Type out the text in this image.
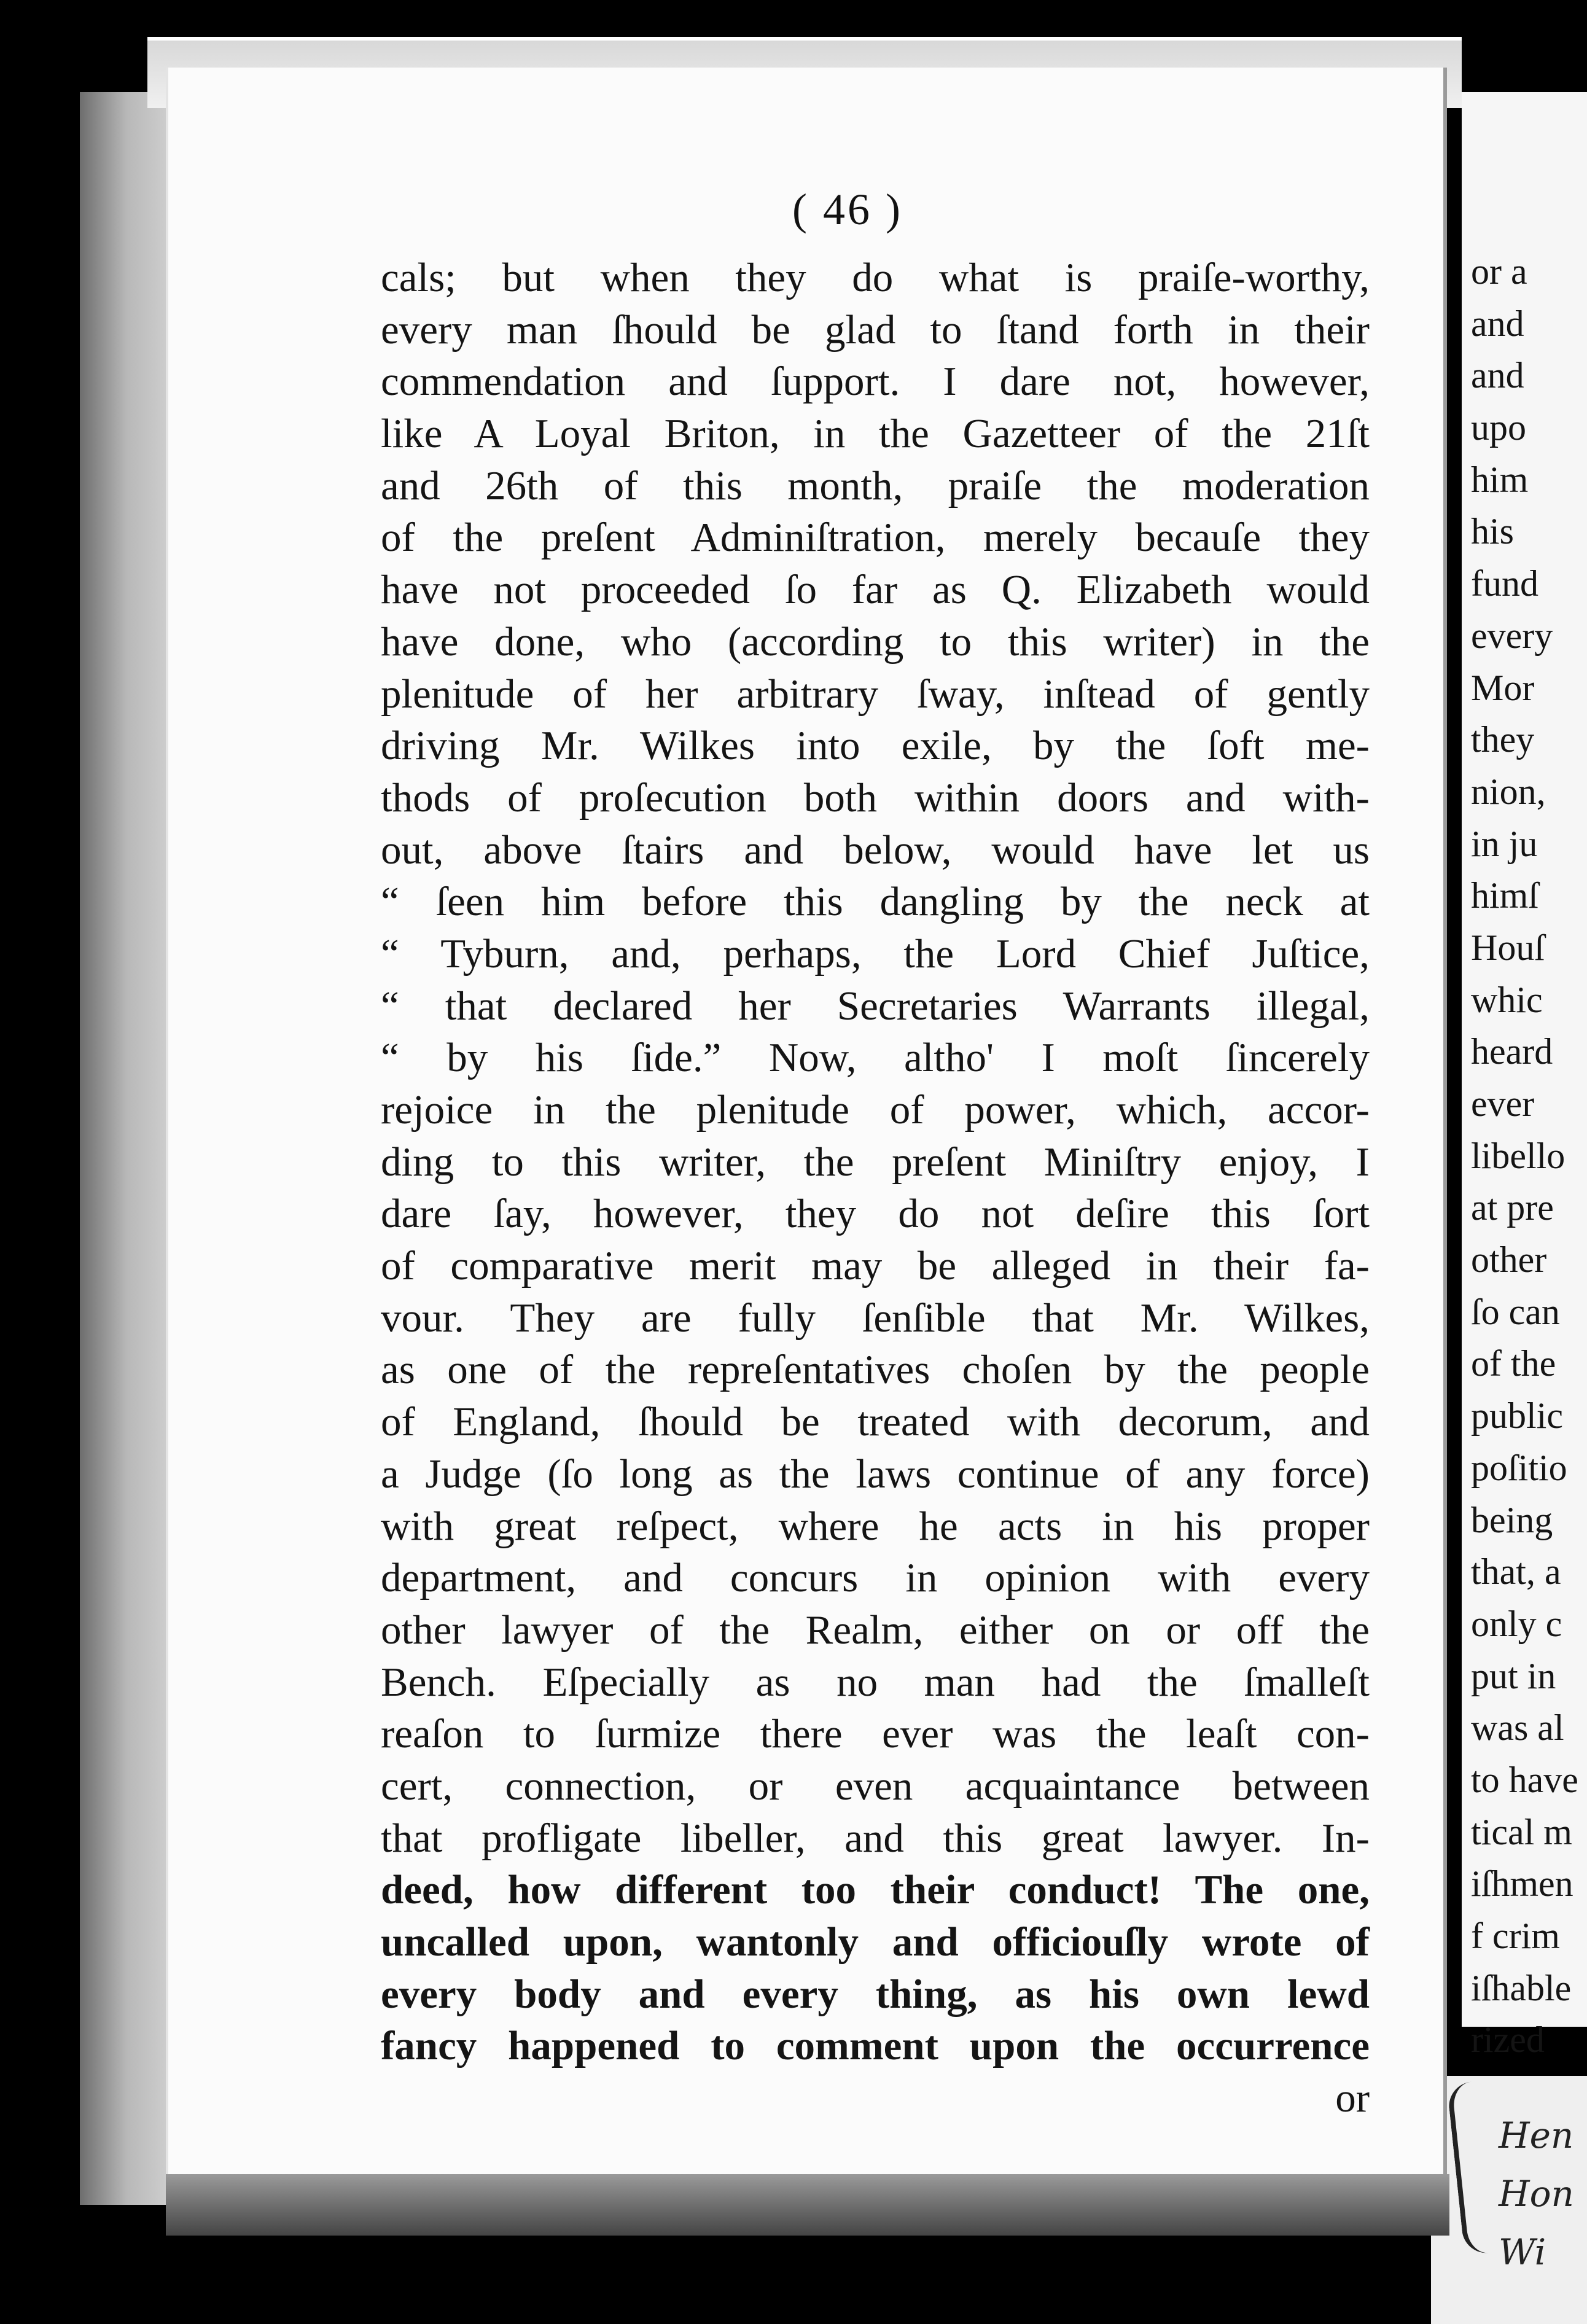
( 46 )
cals; but when they do what is praiſe-worthy,
every man ſhould be glad to ſtand forth in their
commendation and ſupport. I dare not, however,
like A Loyal Briton, in the Gazetteer of the 21ſt
and 26th of this month, praiſe the moderation
of the preſent Adminiſtration, merely becauſe they
have not proceeded ſo far as Q. Elizabeth would
have done, who (according to this writer) in the
plenitude of her arbitrary ſway, inſtead of gently
driving Mr. Wilkes into exile, by the ſoft me-
thods of proſecution both within doors and with-
out, above ſtairs and below, would have let us
“ ſeen him before this dangling by the neck at
“ Tyburn, and, perhaps, the Lord Chief Juſtice,
“ that declared her Secretaries Warrants illegal,
“ by his ſide.” Now, altho' I moſt ſincerely
rejoice in the plenitude of power, which, accor-
ding to this writer, the preſent Miniſtry enjoy, I
dare ſay, however, they do not deſire this ſort
of comparative merit may be alleged in their fa-
vour. They are fully ſenſible that Mr. Wilkes,
as one of the repreſentatives choſen by the people
of England, ſhould be treated with decorum, and
a Judge (ſo long as the laws continue of any force)
with great reſpect, where he acts in his proper
department, and concurs in opinion with every
other lawyer of the Realm, either on or off the
Bench. Eſpecially as no man had the ſmalleſt
reaſon to ſurmize there ever was the leaſt con-
cert, connection, or even acquaintance between
that profligate libeller, and this great lawyer. In-
deed, how different too their conduct! The one,
uncalled upon, wantonly and officiouſly wrote of
every body and every thing, as his own lewd
fancy happened to comment upon the occurrence
or
or a
and
and
upo
him
his
fund
every
Mor
they
nion,
in ju
himſ
Houſ
whic
heard
ever
libello
at pre
other
ſo can
of the
public
poſitio
being
that, a
only c
put in
was al
to have
tical m
iſhmen
f crim
iſhable
rized
Hen
Hon
Wi
